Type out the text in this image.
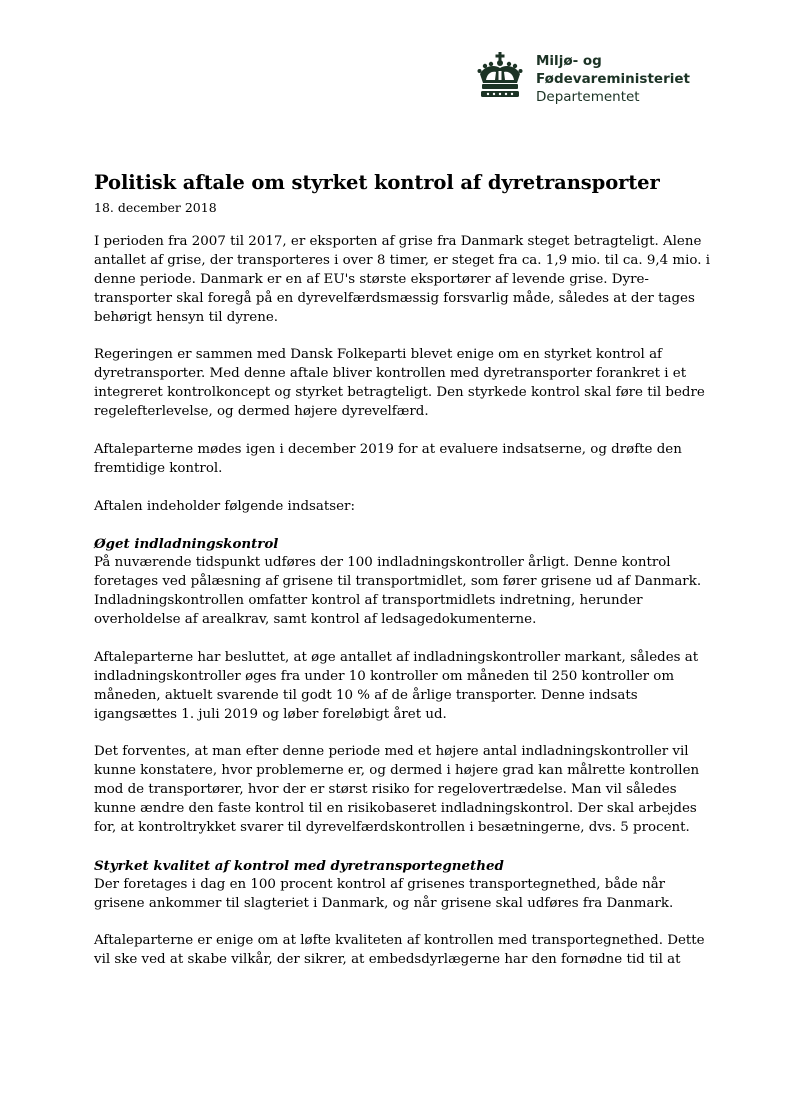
Miljø- og
Fødevareministeriet
Departementet
Politisk aftale om styrket kontrol af dyretransporter
18. december 2018

I perioden fra 2007 til 2017, er eksporten af grise fra Danmark steget betragteligt. Alene
antallet af grise, der transporteres i over 8 timer, er steget fra ca. 1,9 mio. til ca. 9,4 mio. i
denne periode. Danmark er en af EU's største eksportører af levende grise. Dyre-
transporter skal foregå på en dyrevelfærdsmæssig forsvarlig måde, således at der tages
behørigt hensyn til dyrene.

Regeringen er sammen med Dansk Folkeparti blevet enige om en styrket kontrol af
dyretransporter. Med denne aftale bliver kontrollen med dyretransporter forankret i et
integreret kontrolkoncept og styrket betragteligt. Den styrkede kontrol skal føre til bedre
regelefterlevelse, og dermed højere dyrevelfærd.

Aftaleparterne mødes igen i december 2019 for at evaluere indsatserne, og drøfte den
fremtidige kontrol.

Aftalen indeholder følgende indsatser:

Øget indladningskontrol
På nuværende tidspunkt udføres der 100 indladningskontroller årligt. Denne kontrol
foretages ved pålæsning af grisene til transportmidlet, som fører grisene ud af Danmark.
Indladningskontrollen omfatter kontrol af transportmidlets indretning, herunder
overholdelse af arealkrav, samt kontrol af ledsagedokumenterne.

Aftaleparterne har besluttet, at øge antallet af indladningskontroller markant, således at
indladningskontroller øges fra under 10 kontroller om måneden til 250 kontroller om
måneden, aktuelt svarende til godt 10 % af de årlige transporter. Denne indsats
igangsættes 1. juli 2019 og løber foreløbigt året ud.

Det forventes, at man efter denne periode med et højere antal indladningskontroller vil
kunne konstatere, hvor problemerne er, og dermed i højere grad kan målrette kontrollen
mod de transportører, hvor der er størst risiko for regelovertrædelse. Man vil således
kunne ændre den faste kontrol til en risikobaseret indladningskontrol. Der skal arbejdes
for, at kontroltrykket svarer til dyrevelfærdskontrollen i besætningerne, dvs. 5 procent.

Styrket kvalitet af kontrol med dyretransportegnethed
Der foretages i dag en 100 procent kontrol af grisenes transportegnethed, både når
grisene ankommer til slagteriet i Danmark, og når grisene skal udføres fra Danmark.

Aftaleparterne er enige om at løfte kvaliteten af kontrollen med transportegnethed. Dette
vil ske ved at skabe vilkår, der sikrer, at embedsdyrlægerne har den fornødne tid til at
